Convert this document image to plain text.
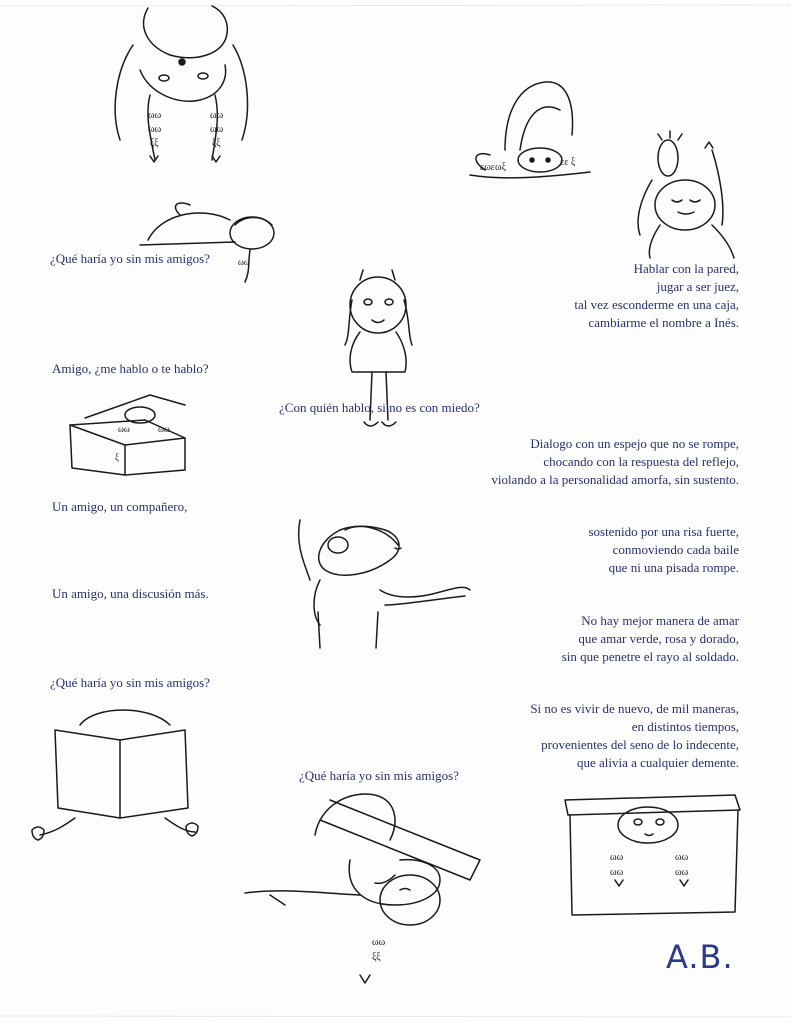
ωω
ωω
ξξ
ωω
ωω
ξξ
ωω
εωεωξ	εε ξ
ωω	ωω
ξ
ωω
ξξ
ωω
ωω
ωω
ωω

¿Qué haría yo sin mis amigos?

Hablar con la pared,

jugar a ser juez,

tal vez esconderme en una caja,

cambiarme el nombre a Inés.

Amigo, ¿me hablo o te hablo?

¿Con quién hablo, si no es con miedo?

Dialogo con un espejo que no se rompe,

chocando con la respuesta del reflejo,

violando a la personalidad amorfa, sin sustento.

Un amigo, un compañero,

sostenido por una risa fuerte,

conmoviendo cada baile

que ni una pisada rompe.

Un amigo, una discusión más.

No hay mejor manera de amar

que amar verde, rosa y dorado,

sin que penetre el rayo al soldado.

¿Qué haría yo sin mis amigos?

Si no es vivir de nuevo, de mil maneras,

en distintos tiempos,

provenientes del seno de lo indecente,

que alivia a cualquier demente.

¿Qué haría yo sin mis amigos?

A.B.
